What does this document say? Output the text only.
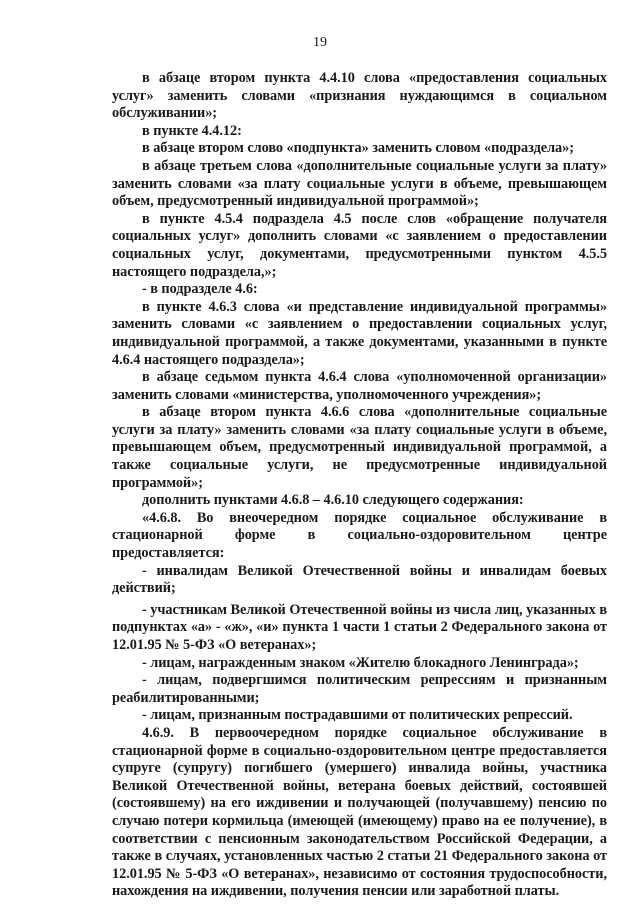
19

в абзаце втором пункта 4.4.10 слова «предоставления социальных услуг» заменить словами «признания нуждающимся в социальном обслуживании»;

в пункте 4.4.12:

в абзаце втором слово «подпункта» заменить словом «подраздела»;

в абзаце третьем слова «дополнительные социальные услуги за плату» заменить словами «за плату социальные услуги в объеме, превышающем объем, предусмотренный индивидуальной программой»;

в пункте 4.5.4 подраздела 4.5 после слов «обращение получателя социальных услуг» дополнить словами «с заявлением о предоставлении социальных услуг, документами, предусмотренными пунктом 4.5.5 настоящего подраздела,»;

- в подразделе 4.6:

в пункте 4.6.3 слова «и представление индивидуальной программы» заменить словами «с заявлением о предоставлении социальных услуг, индивидуальной программой, а также документами, указанными в пункте 4.6.4 настоящего подраздела»;

в абзаце седьмом пункта 4.6.4 слова «уполномоченной организации» заменить словами «министерства, уполномоченного учреждения»;

в абзаце втором пункта 4.6.6 слова «дополнительные социальные услуги за плату» заменить словами «за плату социальные услуги в объеме, превышающем объем, предусмотренный индивидуальной программой, а также социальные услуги, не предусмотренные индивидуальной программой»;

дополнить пунктами 4.6.8 – 4.6.10 следующего содержания:

«4.6.8. Во внеочередном порядке социальное обслуживание в стационарной форме в социально-оздоровительном центре предоставляется:

- инвалидам Великой Отечественной войны и инвалидам боевых действий;

- участникам Великой Отечественной войны из числа лиц, указанных в подпунктах «а» - «ж», «и» пункта 1 части 1 статьи 2 Федерального закона от 12.01.95 № 5-ФЗ «О ветеранах»;

- лицам, награжденным знаком «Жителю блокадного Ленинграда»;

- лицам, подвергшимся политическим репрессиям и признанным реабилитированными;

- лицам, признанным пострадавшими от политических репрессий.

4.6.9. В первоочередном порядке социальное обслуживание в стационарной форме в социально-оздоровительном центре предоставляется супруге (супругу) погибшего (умершего) инвалида войны, участника Великой Отечественной войны, ветерана боевых действий, состоявшей (состоявшему) на его иждивении и получающей (получавшему) пенсию по случаю потери кормильца (имеющей (имеющему) право на ее получение), в соответствии с пенсионным законодательством Российской Федерации, а также в случаях, установленных частью 2 статьи 21 Федерального закона от 12.01.95 № 5-ФЗ «О ветеранах», независимо от состояния трудоспособности, нахождения на иждивении, получения пенсии или заработной платы.
